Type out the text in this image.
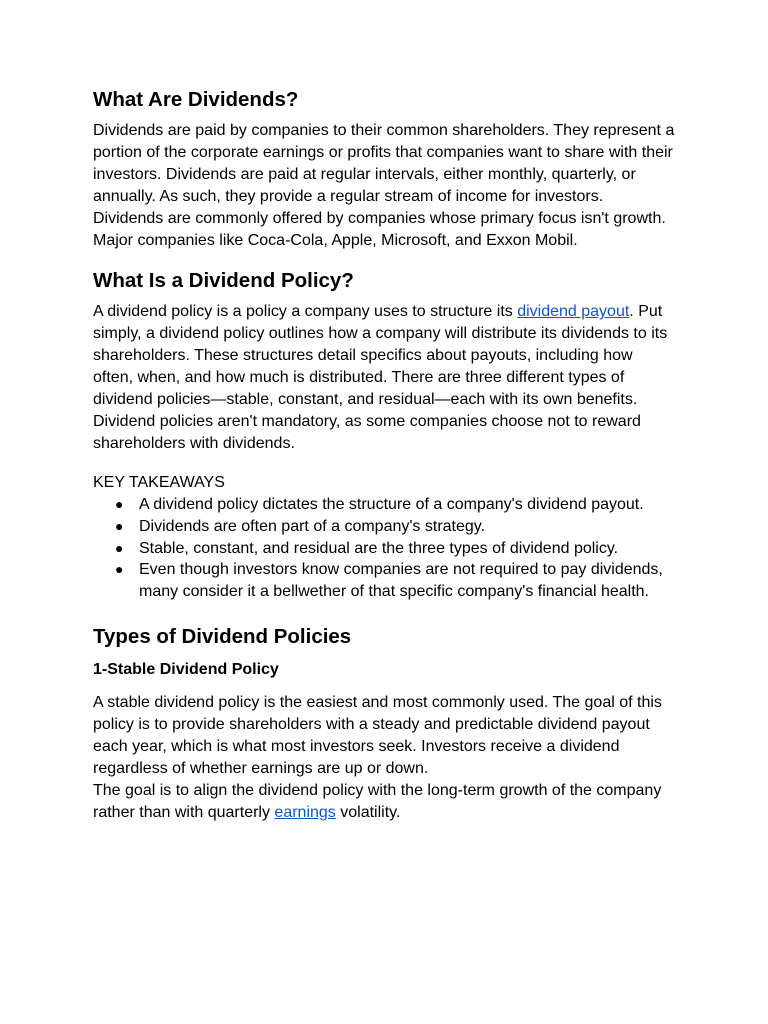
What Are Dividends?

Dividends are paid by companies to their common shareholders. They represent a portion of the corporate earnings or profits that companies want to share with their investors. Dividends are paid at regular intervals, either monthly, quarterly, or annually. As such, they provide a regular stream of income for investors. Dividends are commonly offered by companies whose primary focus isn't growth. Major companies like Coca-Cola, Apple, Microsoft, and Exxon Mobil.

What Is a Dividend Policy?

A dividend policy is a policy a company uses to structure its dividend payout. Put simply, a dividend policy outlines how a company will distribute its dividends to its shareholders. These structures detail specifics about payouts, including how often, when, and how much is distributed. There are three different types of dividend policies—stable, constant, and residual—each with its own benefits. Dividend policies aren't mandatory, as some companies choose not to reward shareholders with dividends.

KEY TAKEAWAYS
● A dividend policy dictates the structure of a company's dividend payout.
● Dividends are often part of a company's strategy.
● Stable, constant, and residual are the three types of dividend policy.
● Even though investors know companies are not required to pay dividends, many consider it a bellwether of that specific company's financial health.
Types of Dividend Policies
1-Stable Dividend Policy

A stable dividend policy is the easiest and most commonly used. The goal of this policy is to provide shareholders with a steady and predictable dividend payout each year, which is what most investors seek. Investors receive a dividend regardless of whether earnings are up or down.

The goal is to align the dividend policy with the long-term growth of the company rather than with quarterly earnings volatility.
